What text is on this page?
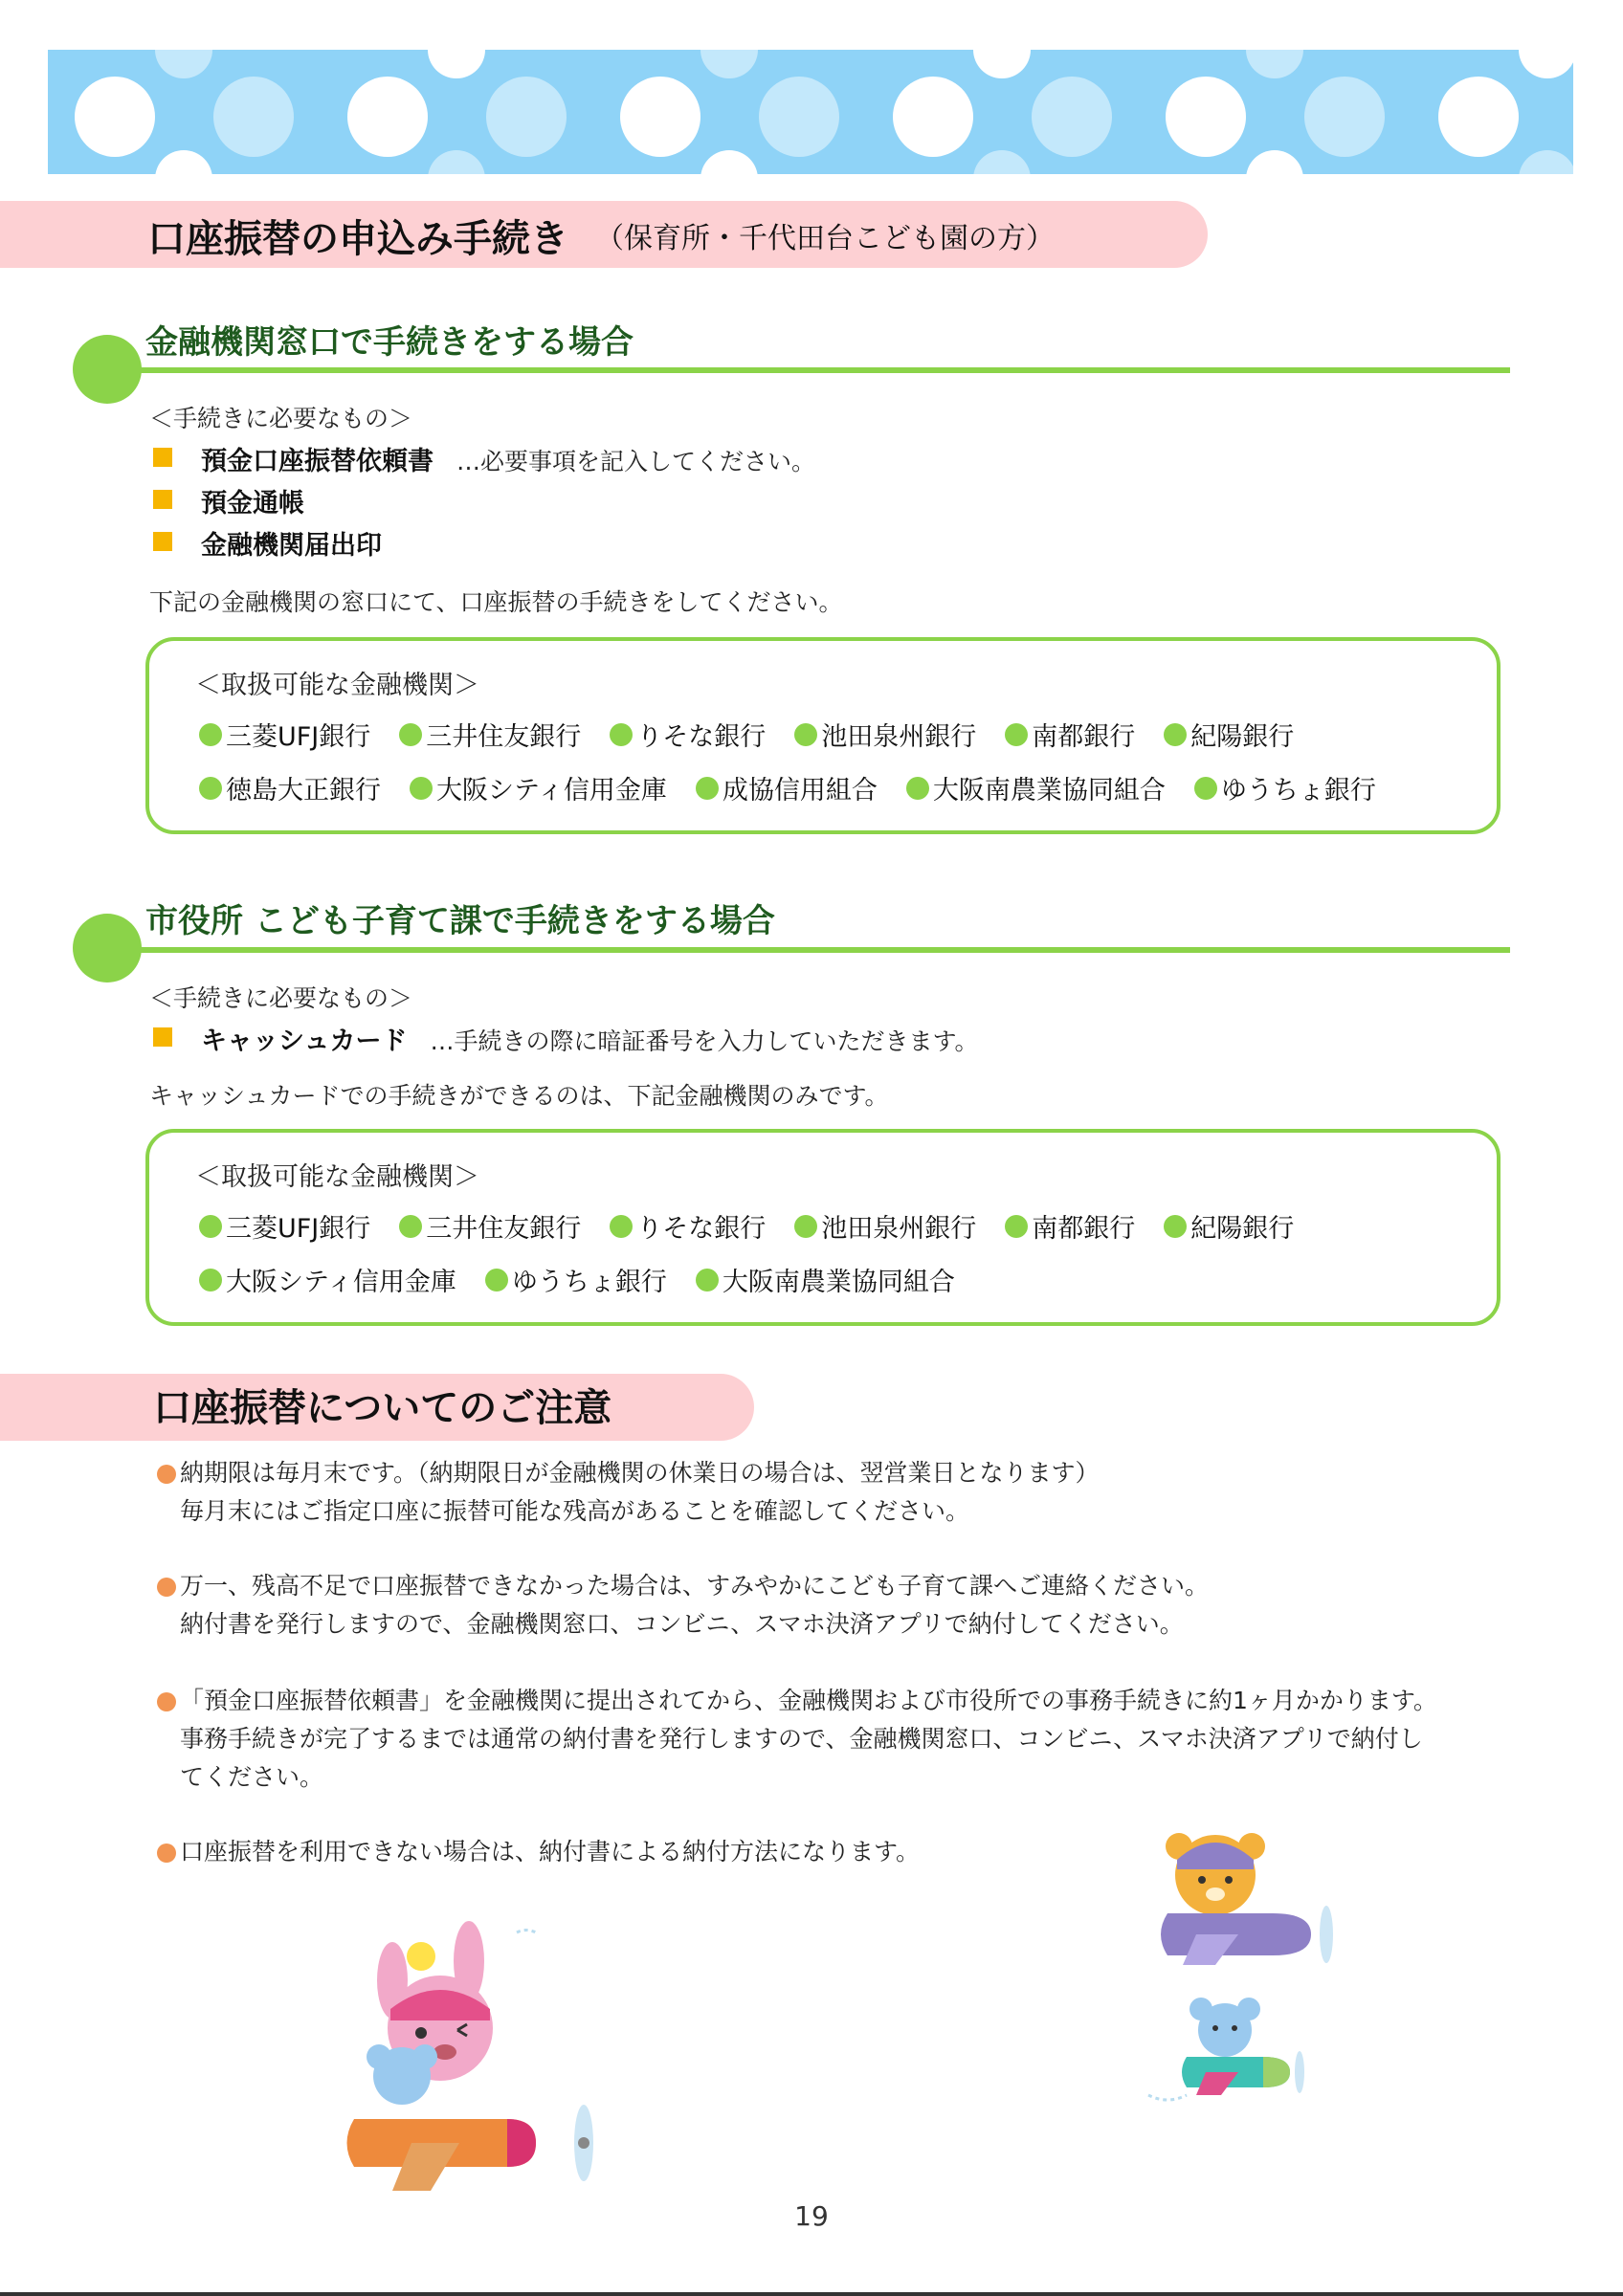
口座振替の申込み手続き （保育所・千代田台こども園の方）
金融機関窓口で手続きをする場合
＜手続きに必要なもの＞
預金口座振替依頼書 …必要事項を記入してください。
預金通帳
金融機関届出印
下記の金融機関の窓口にて、口座振替の手続きをしてください。
＜取扱可能な金融機関＞
三菱UFJ銀行 三井住友銀行 りそな銀行 池田泉州銀行 南都銀行 紀陽銀行
徳島大正銀行 大阪シティ信用金庫 成協信用組合 大阪南農業協同組合 ゆうちょ銀行
市役所 こども子育て課で手続きをする場合
＜手続きに必要なもの＞
キャッシュカード …手続きの際に暗証番号を入力していただきます。
キャッシュカードでの手続きができるのは、下記金融機関のみです。
＜取扱可能な金融機関＞
三菱UFJ銀行 三井住友銀行 りそな銀行 池田泉州銀行 南都銀行 紀陽銀行
大阪シティ信用金庫 ゆうちょ銀行 大阪南農業協同組合
口座振替についてのご注意
納期限は毎月末です。（納期限日が金融機関の休業日の場合は、翌営業日となります）
毎月末にはご指定口座に振替可能な残高があることを確認してください。
万一、残高不足で口座振替できなかった場合は、すみやかにこども子育て課へご連絡ください。
納付書を発行しますので、金融機関窓口、コンビニ、スマホ決済アプリで納付してください。
「預金口座振替依頼書」を金融機関に提出されてから、金融機関および市役所での事務手続きに約1ヶ月かかります。
事務手続きが完了するまでは通常の納付書を発行しますので、金融機関窓口、コンビニ、スマホ決済アプリで納付し
てください。
口座振替を利用できない場合は、納付書による納付方法になります。
19
